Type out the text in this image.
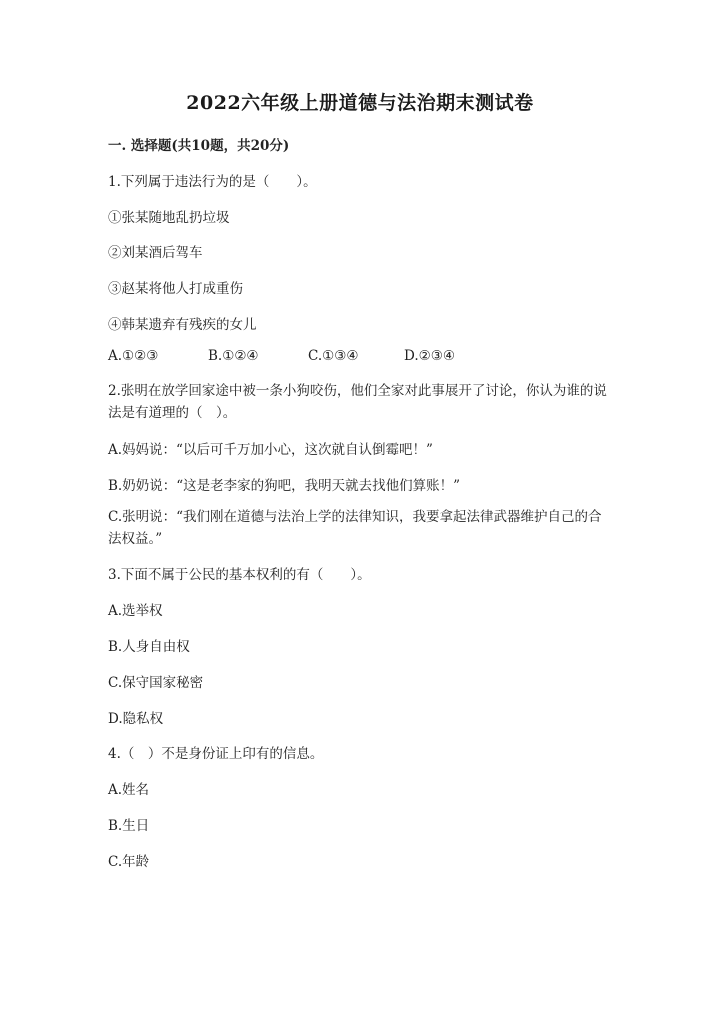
2022六年级上册道德与法治期末测试卷
一. 选择题(共10题，共20分)
1.下列属于违法行为的是（　　）。
①张某随地乱扔垃圾
②刘某酒后驾车
③赵某将他人打成重伤
④韩某遗弃有残疾的女儿
A.①②③	B.①②④	C.①③④	D.②③④
2.张明在放学回家途中被一条小狗咬伤，他们全家对此事展开了讨论，你认为谁的说法是有道理的（　）。
A.妈妈说：“以后可千万加小心，这次就自认倒霉吧！”
B.奶奶说：“这是老李家的狗吧，我明天就去找他们算账！”
C.张明说：“我们刚在道德与法治上学的法律知识，我要拿起法律武器维护自己的合法权益。”
3.下面不属于公民的基本权利的有（　　）。
A.选举权
B.人身自由权
C.保守国家秘密
D.隐私权
4.（　）不是身份证上印有的信息。
A.姓名
B.生日
C.年龄
